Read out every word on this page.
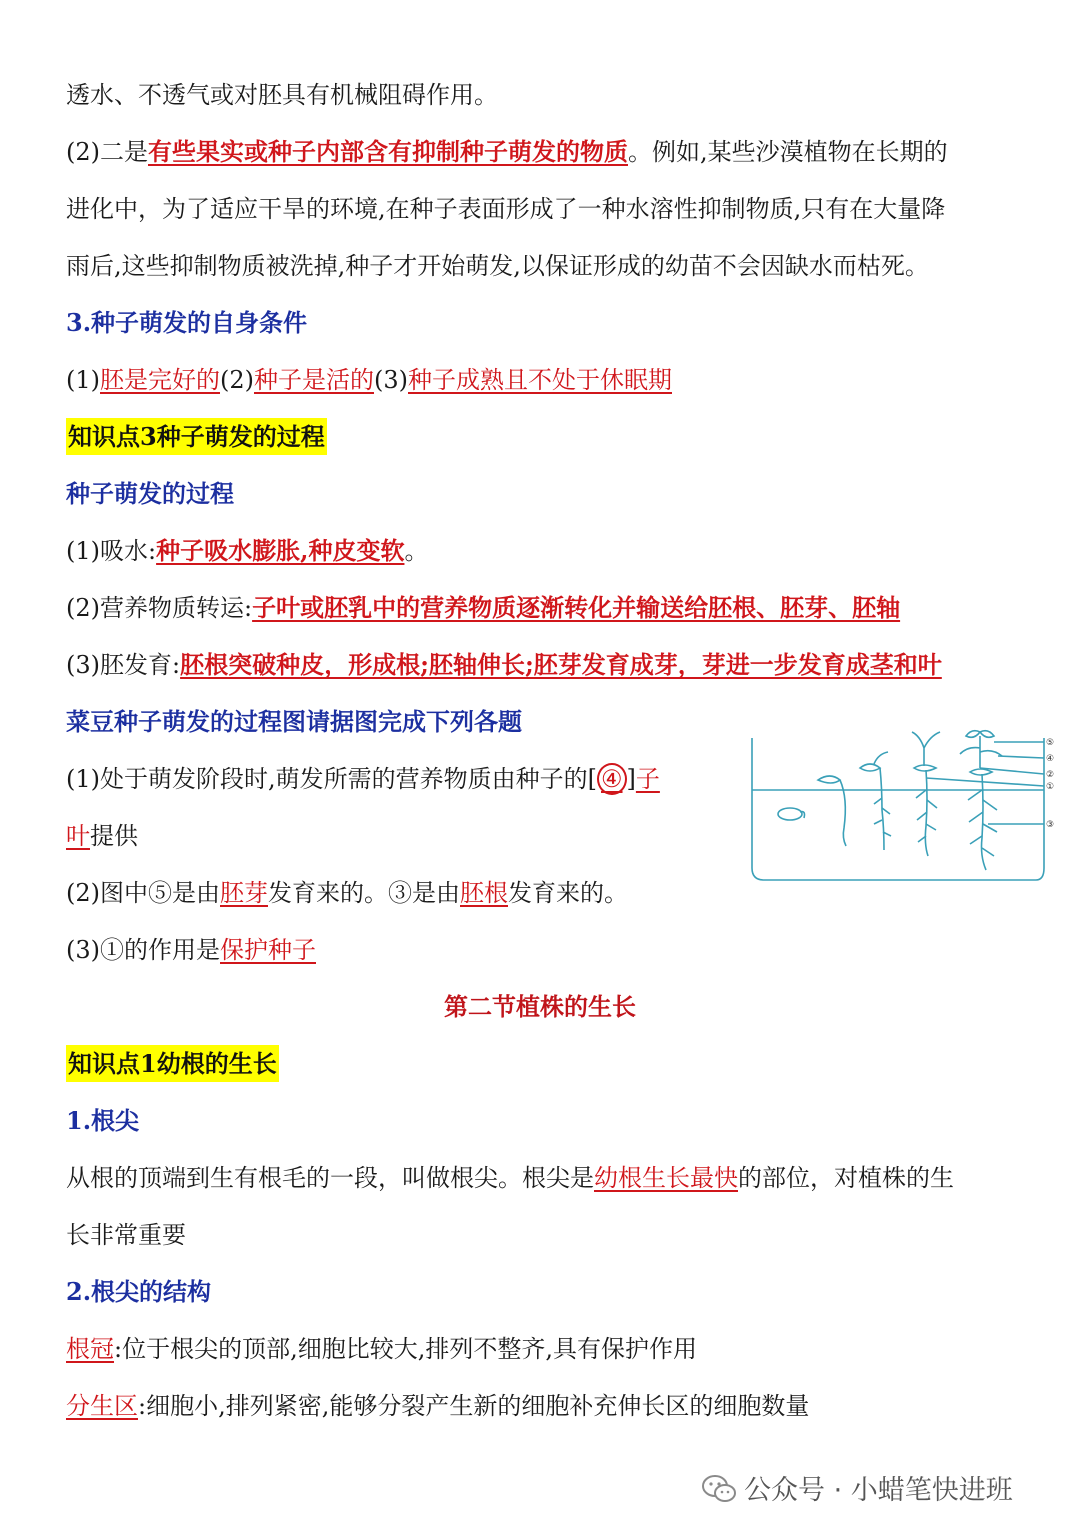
透水、不透气或对胚具有机械阻碍作用。
(2)二是有些果实或种子内部含有抑制种子萌发的物质。例如,某些沙漠植物在长期的
进化中，为了适应干旱的环境,在种子表面形成了一种水溶性抑制物质,只有在大量降
雨后,这些抑制物质被洗掉,种子才开始萌发,以保证形成的幼苗不会因缺水而枯死。
3.种子萌发的自身条件
(1)胚是完好的(2)种子是活的(3)种子成熟且不处于休眠期
知识点3种子萌发的过程
种子萌发的过程
(1)吸水:种子吸水膨胀,种皮变软。
(2)营养物质转运:子叶或胚乳中的营养物质逐渐转化并输送给胚根、胚芽、胚轴
(3)胚发育:胚根突破种皮，形成根;胚轴伸长;胚芽发育成芽，芽进一步发育成茎和叶
菜豆种子萌发的过程图请据图完成下列各题
(1)处于萌发阶段时,萌发所需的营养物质由种子的[ ④ ]子
叶提供
(2)图中⑤是由胚芽发育来的。③是由胚根发育来的。
(3)①的作用是保护种子
第二节植株的生长
知识点1幼根的生长
1.根尖
从根的顶端到生有根毛的一段，叫做根尖。根尖是幼根生长最快的部位，对植株的生
长非常重要
2.根尖的结构
根冠:位于根尖的顶部,细胞比较大,排列不整齐,具有保护作用
分生区:细胞小,排列紧密,能够分裂产生新的细胞补充伸长区的细胞数量
⑤
④
②
①
③
公众号 · 小蜡笔快进班
